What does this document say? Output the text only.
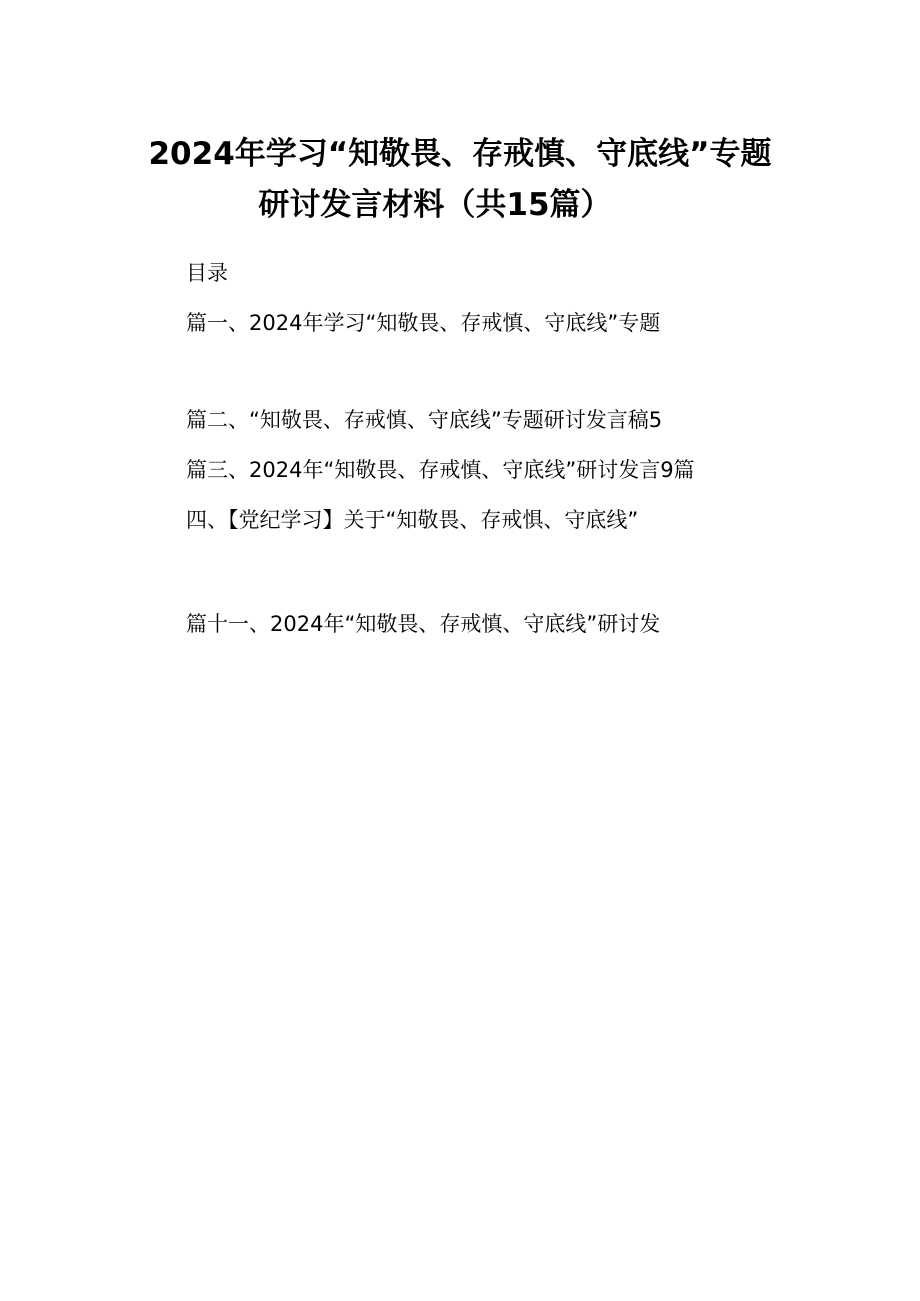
2024年学习“知敬畏、存戒慎、守底线”专题
研讨发言材料（共15篇）
目录
篇一、2024年学习“知敬畏、存戒慎、守底线”专题
篇二、“知敬畏、存戒慎、守底线”专题研讨发言稿5
篇三、2024年“知敬畏、存戒慎、守底线”研讨发言9篇
四、【党纪学习】关于“知敬畏、存戒惧、守底线”
篇十一、2024年“知敬畏、存戒慎、守底线”研讨发
